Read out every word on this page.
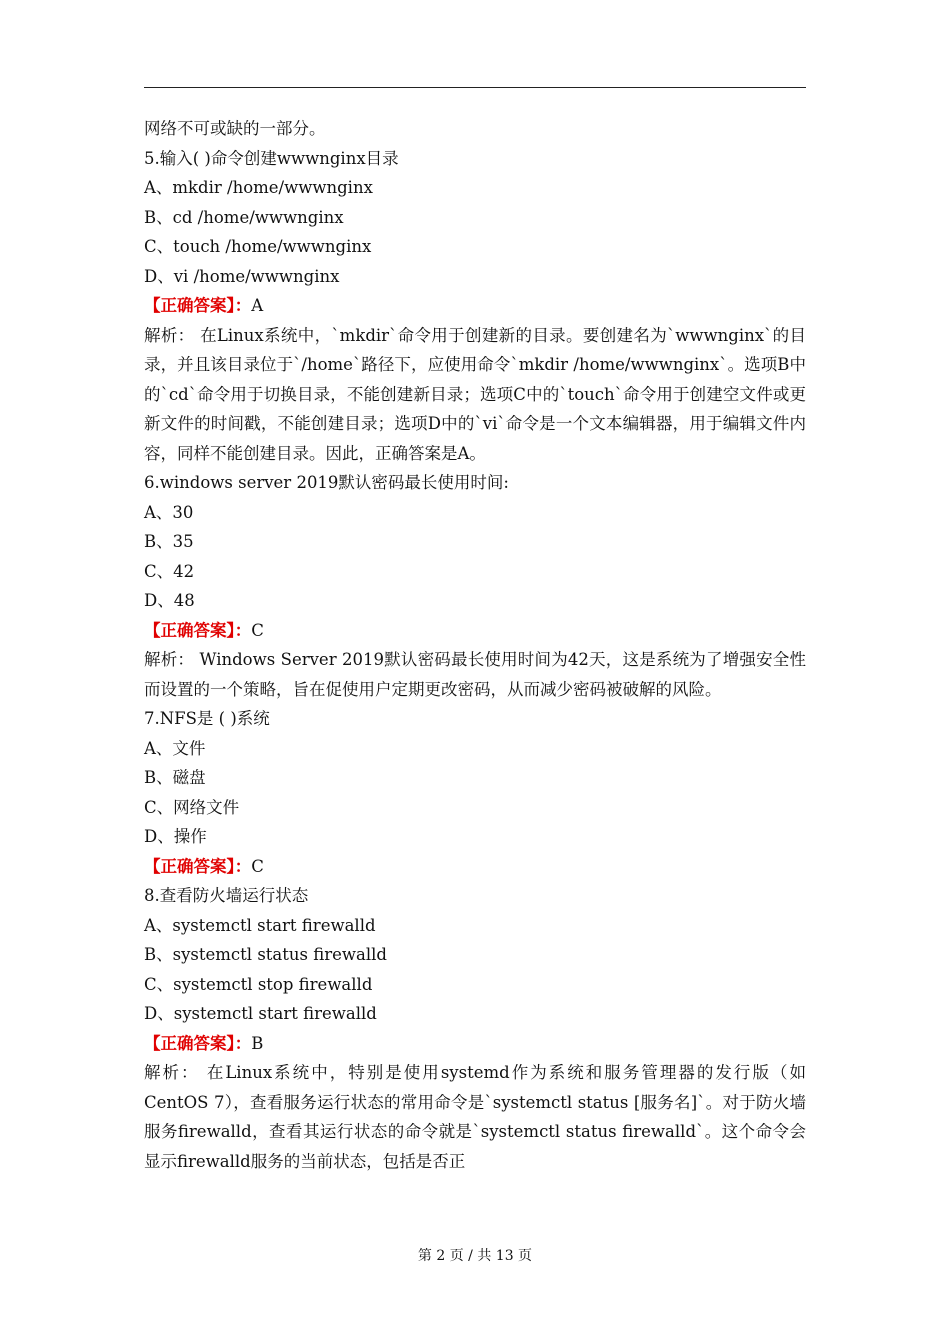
网络不可或缺的一部分。

5.输入( )命令创建wwwnginx目录

A、mkdir /home/wwwnginx

B、cd /home/wwwnginx

C、touch /home/wwwnginx

D、vi /home/wwwnginx

【正确答案】：A

解析： 在Linux系统中，`mkdir`命令用于创建新的目录。要创建名为`wwwnginx`的目录，并且该目录位于`/home`路径下，应使用命令`mkdir /home/wwwnginx`。选项B中的`cd`命令用于切换目录，不能创建新目录；选项C中的`touch`命令用于创建空文件或更新文件的时间戳，不能创建目录；选项D中的`vi`命令是一个文本编辑器，用于编辑文件内容，同样不能创建目录。因此，正确答案是A。

6.windows server 2019默认密码最长使用时间:

A、30

B、35

C、42

D、48

【正确答案】：C

解析： Windows Server 2019默认密码最长使用时间为42天，这是系统为了增强安全性而设置的一个策略，旨在促使用户定期更改密码，从而减少密码被破解的风险。

7.NFS是 ( )系统

A、文件

B、磁盘

C、网络文件

D、操作

【正确答案】：C

8.查看防火墙运行状态

A、systemctl start firewalld

B、systemctl status firewalld

C、systemctl stop firewalld

D、systemctl start firewalld

【正确答案】：B

解析： 在Linux系统中，特别是使用systemd作为系统和服务管理器的发行版（如CentOS 7），查看服务运行状态的常用命令是`systemctl status [服务名]`。对于防火墙服务firewalld，查看其运行状态的命令就是`systemctl status firewalld`。这个命令会显示firewalld服务的当前状态，包括是否正

第 2 页 / 共 13 页
